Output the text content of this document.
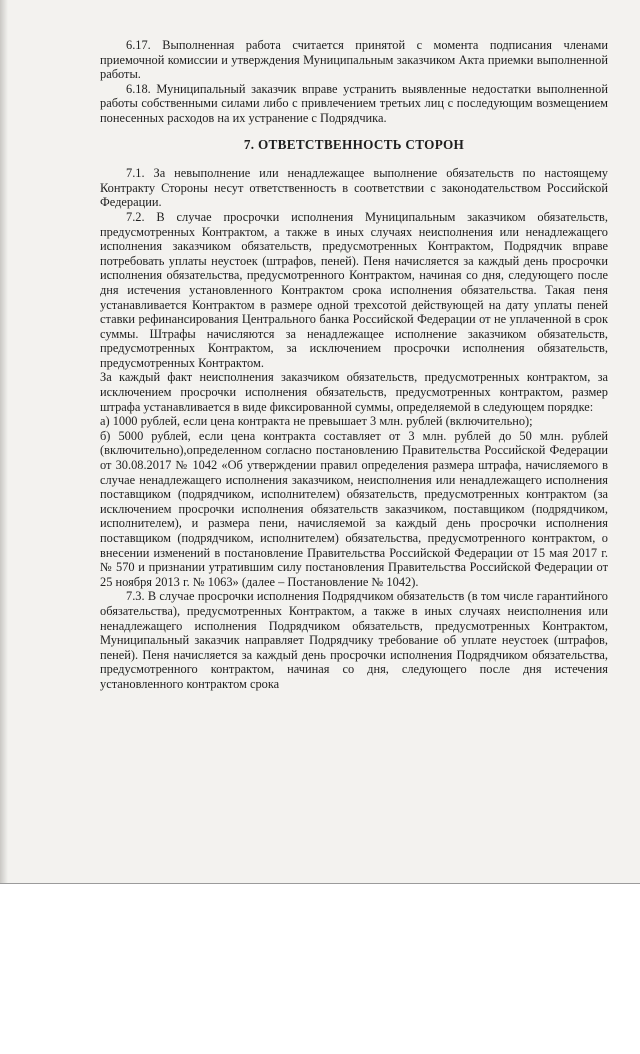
6.17. Выполненная работа считается принятой с момента подписания членами приемочной комиссии и утверждения Муниципальным заказчиком Акта приемки выполненной работы.

6.18. Муниципальный заказчик вправе устранить выявленные недостатки выполненной работы собственными силами либо с привлечением третьих лиц с последующим возмещением понесенных расходов на их устранение с Подрядчика.

7. ОТВЕТСТВЕННОСТЬ СТОРОН

7.1. За невыполнение или ненадлежащее выполнение обязательств по настоящему Контракту Стороны несут ответственность в соответствии с законодательством Российской Федерации.

7.2. В случае просрочки исполнения Муниципальным заказчиком обязательств, предусмотренных Контрактом, а также в иных случаях неисполнения или ненадлежащего исполнения заказчиком обязательств, предусмотренных Контрактом, Подрядчик вправе потребовать уплаты неустоек (штрафов, пеней). Пеня начисляется за каждый день просрочки исполнения обязательства, предусмотренного Контрактом, начиная со дня, следующего после дня истечения установленного Контрактом срока исполнения обязательства. Такая пеня устанавливается Контрактом в размере одной трехсотой действующей на дату уплаты пеней ставки рефинансирования Центрального банка Российской Федерации от не уплаченной в срок суммы. Штрафы начисляются за ненадлежащее исполнение заказчиком обязательств, предусмотренных Контрактом, за исключением просрочки исполнения обязательств, предусмотренных Контрактом.

За каждый факт неисполнения заказчиком обязательств, предусмотренных контрактом, за исключением просрочки исполнения обязательств, предусмотренных контрактом, размер штрафа устанавливается в виде фиксированной суммы, определяемой в следующем порядке:

а) 1000 рублей, если цена контракта не превышает 3 млн. рублей (включительно);

б) 5000 рублей, если цена контракта составляет от 3 млн. рублей до 50 млн. рублей (включительно),определенном согласно постановлению Правительства Российской Федерации от 30.08.2017 № 1042 «Об утверждении правил определения размера штрафа, начисляемого в случае ненадлежащего исполнения заказчиком, неисполнения или ненадлежащего исполнения поставщиком (подрядчиком, исполнителем) обязательств, предусмотренных контрактом (за исключением просрочки исполнения обязательств заказчиком, поставщиком (подрядчиком, исполнителем), и размера пени, начисляемой за каждый день просрочки исполнения поставщиком (подрядчиком, исполнителем) обязательства, предусмотренного контрактом, о внесении изменений в постановление Правительства Российской Федерации от 15 мая 2017 г. № 570 и признании утратившим силу постановления Правительства Российской Федерации от 25 ноября 2013 г. № 1063» (далее – Постановление № 1042).

7.3. В случае просрочки исполнения Подрядчиком обязательств (в том числе гарантийного обязательства), предусмотренных Контрактом, а также в иных случаях неисполнения или ненадлежащего исполнения Подрядчиком обязательств, предусмотренных Контрактом, Муниципальный заказчик направляет Подрядчику требование об уплате неустоек (штрафов, пеней). Пеня начисляется за каждый день просрочки исполнения Подрядчиком обязательства, предусмотренного контрактом, начиная со дня, следующего после дня истечения установленного контрактом срока
